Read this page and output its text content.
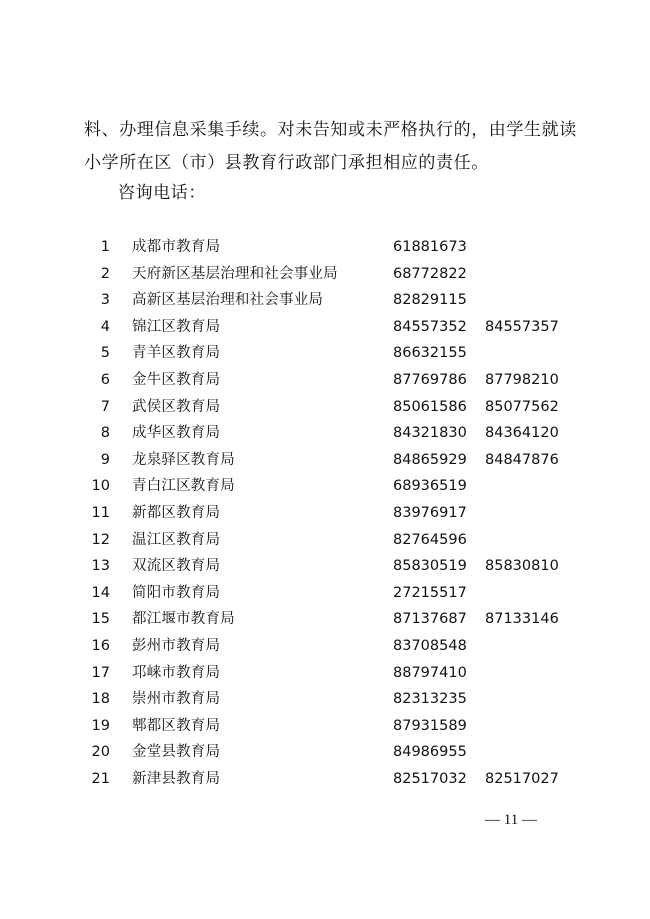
料、办理信息采集手续。对未告知或未严格执行的，由学生就读
小学所在区（市）县教育行政部门承担相应的责任。
咨询电话：
1 成都市教育局	61881673
2 天府新区基层治理和社会事业局	68772822
3 高新区基层治理和社会事业局	82829115
4 锦江区教育局	84557352 84557357
5 青羊区教育局	86632155
6 金牛区教育局	87769786 87798210
7 武侯区教育局	85061586 85077562
8 成华区教育局	84321830 84364120
9 龙泉驿区教育局	84865929 84847876
10 青白江区教育局	68936519
11 新都区教育局	83976917
12 温江区教育局	82764596
13 双流区教育局	85830519 85830810
14 简阳市教育局	27215517
15 都江堰市教育局	87137687 87133146
16 彭州市教育局	83708548
17 邛崃市教育局	88797410
18 崇州市教育局	82313235
19 郫都区教育局	87931589
20 金堂县教育局	84986955
21 新津县教育局	82517032 82517027
— 11 —
